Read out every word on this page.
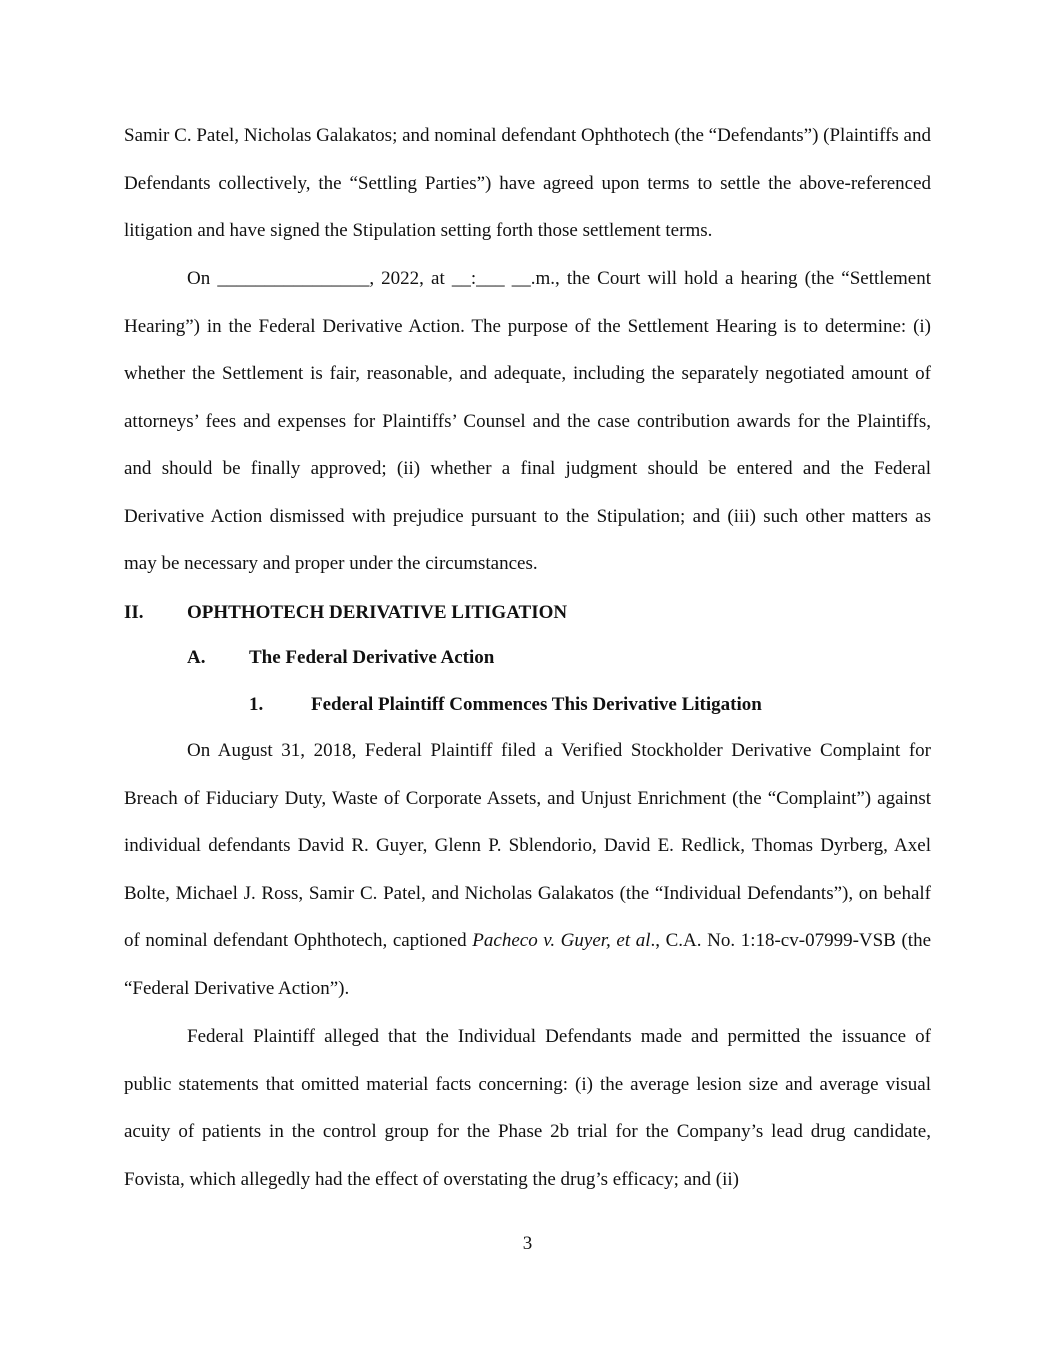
Samir C. Patel, Nicholas Galakatos; and nominal defendant Ophthotech (the “Defendants”) (Plaintiffs and Defendants collectively, the “Settling Parties”) have agreed upon terms to settle the above-referenced litigation and have signed the Stipulation setting forth those settlement terms.

On ________________, 2022, at __:___ __.m., the Court will hold a hearing (the “Settlement Hearing”) in the Federal Derivative Action. The purpose of the Settlement Hearing is to determine: (i) whether the Settlement is fair, reasonable, and adequate, including the separately negotiated amount of attorneys’ fees and expenses for Plaintiffs’ Counsel and the case contribution awards for the Plaintiffs, and should be finally approved; (ii) whether a final judgment should be entered and the Federal Derivative Action dismissed with prejudice pursuant to the Stipulation; and (iii) such other matters as may be necessary and proper under the circumstances.

II. OPHTHOTECH DERIVATIVE LITIGATION
A. The Federal Derivative Action
1.	Federal Plaintiff Commences This Derivative Litigation

On August 31, 2018, Federal Plaintiff filed a Verified Stockholder Derivative Complaint for Breach of Fiduciary Duty, Waste of Corporate Assets, and Unjust Enrichment (the “Complaint”) against individual defendants David R. Guyer, Glenn P. Sblendorio, David E. Redlick, Thomas Dyrberg, Axel Bolte, Michael J. Ross, Samir C. Patel, and Nicholas Galakatos (the “Individual Defendants”), on behalf of nominal defendant Ophthotech, captioned Pacheco v. Guyer, et al., C.A. No. 1:18-cv-07999-VSB (the “Federal Derivative Action”).

Federal Plaintiff alleged that the Individual Defendants made and permitted the issuance of public statements that omitted material facts concerning: (i) the average lesion size and average visual acuity of patients in the control group for the Phase 2b trial for the Company’s lead drug candidate, Fovista, which allegedly had the effect of overstating the drug’s efficacy; and (ii)

3
